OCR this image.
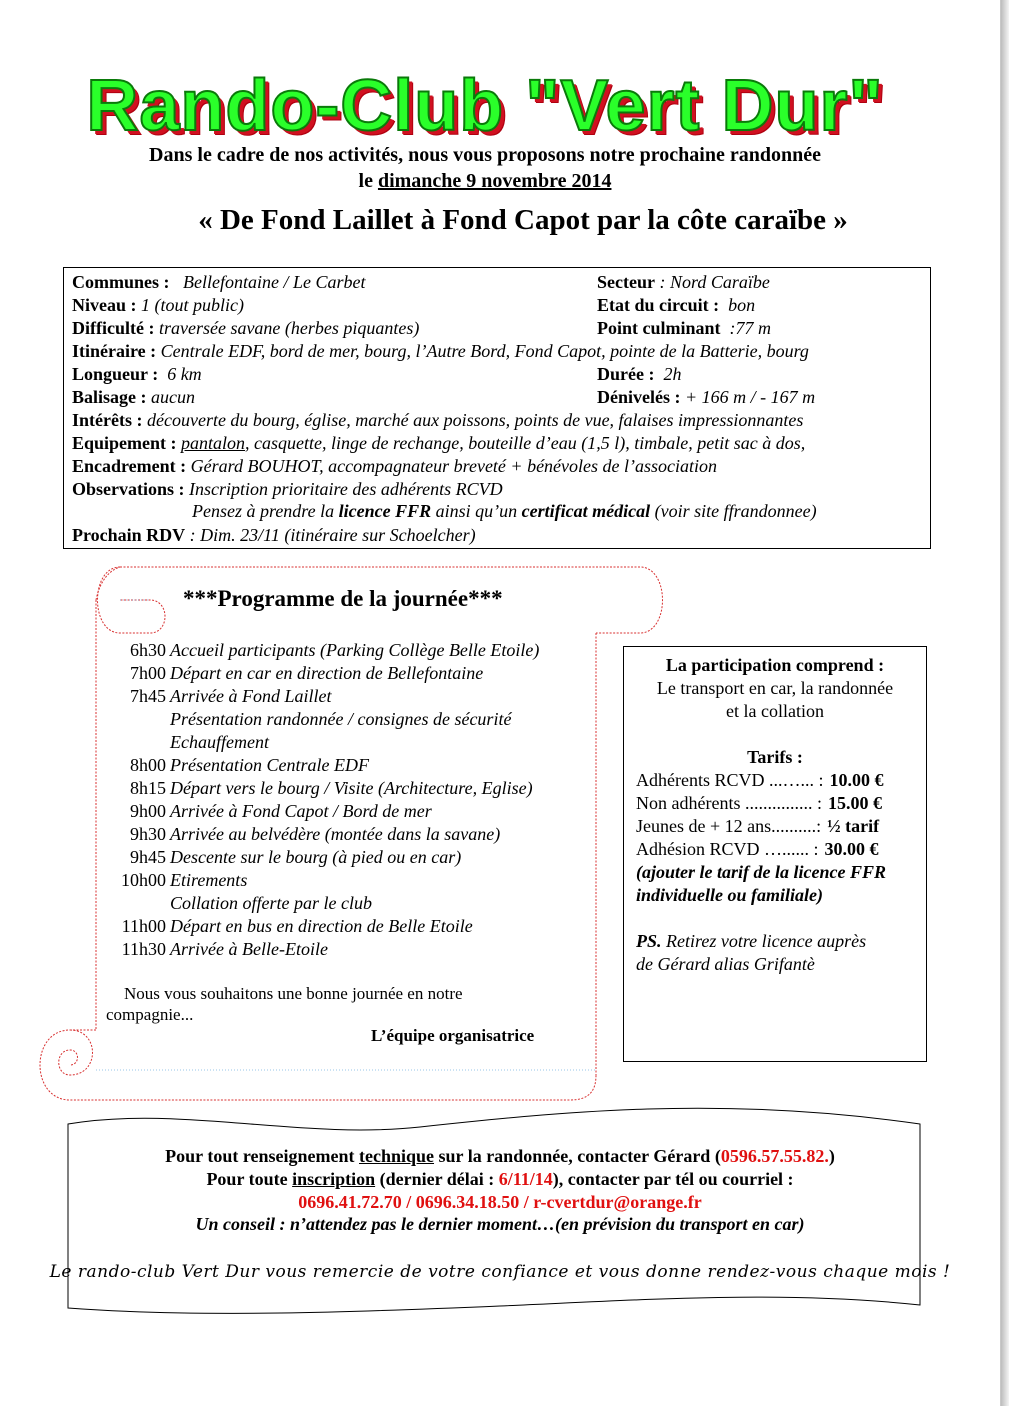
Rando-Club "Vert Dur"
Dans le cadre de nos activités, nous vous proposons notre prochaine randonnée
le dimanche 9 novembre 2014
« De Fond Laillet à Fond Capot par la côte caraïbe »
Communes : Bellefontaine / Le Carbet	Secteur : Nord Caraïbe
Niveau : 1 (tout public)	Etat du circuit : bon
Difficulté : traversée savane (herbes piquantes)	Point culminant :77 m
Itinéraire : Centrale EDF, bord de mer, bourg, l’Autre Bord, Fond Capot, pointe de la Batterie, bourg
Longueur : 6 km	Durée : 2h
Balisage : aucun	Dénivelés : + 166 m / - 167 m
Intérêts : découverte du bourg, église, marché aux poissons, points de vue, falaises impressionnantes
Equipement : pantalon, casquette, linge de rechange, bouteille d’eau (1,5 l), timbale, petit sac à dos,
Encadrement : Gérard BOUHOT, accompagnateur breveté + bénévoles de l’association
Observations : Inscription prioritaire des adhérents RCVD
Pensez à prendre la licence FFR ainsi qu’un certificat médical (voir site ffrandonnee)
Prochain RDV : Dim. 23/11 (itinéraire sur Schoelcher)
***Programme de la journée***
6h30 Accueil participants (Parking Collège Belle Etoile)
7h00 Départ en car en direction de Bellefontaine
7h45 Arrivée à Fond Laillet
Présentation randonnée / consignes de sécurité
Echauffement
8h00 Présentation Centrale EDF
8h15 Départ vers le bourg / Visite (Architecture, Eglise)
9h00 Arrivée à Fond Capot / Bord de mer
9h30 Arrivée au belvédère (montée dans la savane)
9h45 Descente sur le bourg (à pied ou en car)
10h00 Etirements
Collation offerte par le club
11h00 Départ en bus en direction de Belle Etoile
11h30 Arrivée à Belle-Etoile
Nous vous souhaitons une bonne journée en notre
compagnie...
L’équipe organisatrice
La participation comprend :
Le transport en car, la randonnée
et la collation
Tarifs :
Adhérents RCVD ...…... : 10.00 €
Non adhérents ............... : 15.00 €
Jeunes de + 12 ans..........: ½ tarif
Adhésion RCVD …...... : 30.00 €
(ajouter le tarif de la licence FFR
individuelle ou familiale)
PS. Retirez votre licence auprès
de Gérard alias Grifantè
Pour tout renseignement technique sur la randonnée, contacter Gérard (0596.57.55.82.)
Pour toute inscription (dernier délai : 6/11/14), contacter par tél ou courriel :
0696.41.72.70 / 0696.34.18.50 / r-cvertdur@orange.fr
Un conseil : n’attendez pas le dernier moment…(en prévision du transport en car)
Le rando-club Vert Dur vous remercie de votre confiance et vous donne rendez-vous chaque mois !
